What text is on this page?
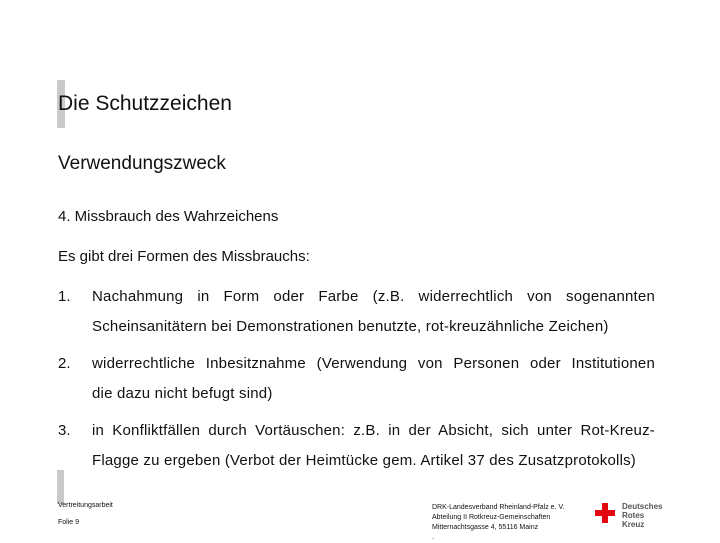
Die Schutzzeichen
Verwendungszweck
4. Missbrauch des Wahrzeichens
Es gibt drei Formen des Missbrauchs:
1. Nachahmung in Form oder Farbe (z.B. widerrechtlich von sogenannten
Scheinsanitätern bei Demonstrationen benutzte, rot-kreuzähnliche Zeichen)
2. widerrechtliche Inbesitznahme (Verwendung von Personen oder Institutionen
die dazu nicht befugt sind)
3. in Konfliktfällen durch Vortäuschen: z.B. in der Absicht, sich unter Rot-Kreuz-
Flagge zu ergeben (Verbot der Heimtücke gem. Artikel 37 des Zusatzprotokolls)
Vertreitungsarbeit
Folie 9
DRK-Landesverband Rheinland-Pfalz e. V.
Abteilung II Rotkreuz-Gemeinschaften
Mitternachtsgasse 4, 55116 Mainz
.
Deutsches
Rotes
Kreuz
